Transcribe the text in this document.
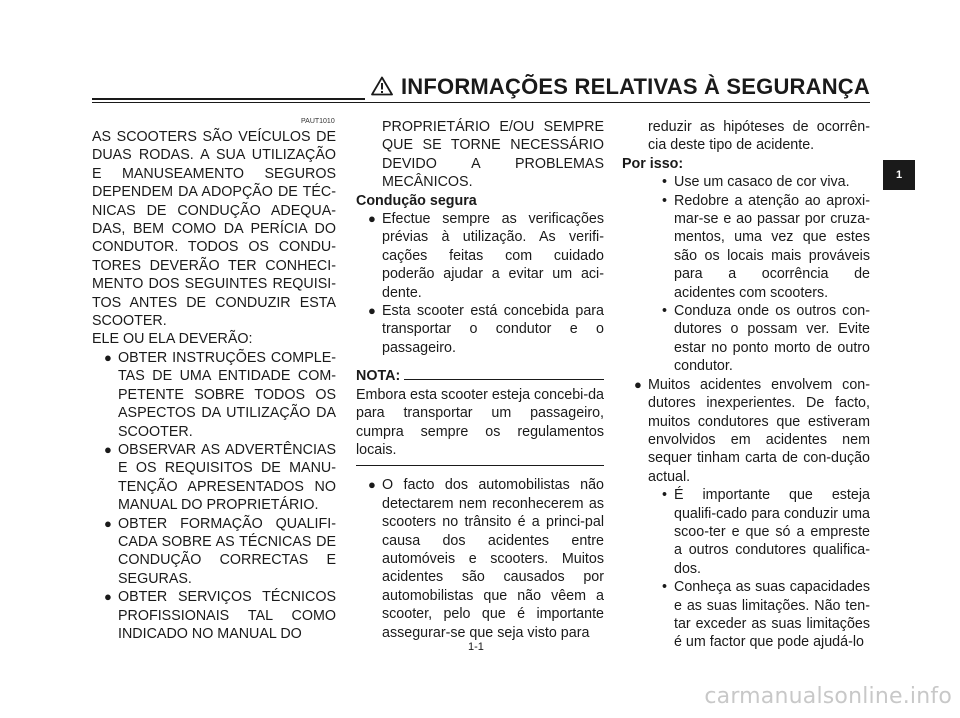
INFORMAÇÕES RELATIVAS À SEGURANÇA
PAUT1010
AS SCOOTERS SÃO VEÍCULOS DE DUAS RODAS. A SUA UTILIZAÇÃO E MANUSEAMENTO SEGUROS DEPENDEM DA ADOPÇÃO DE TÉC-NICAS DE CONDUÇÃO ADEQUA-DAS, BEM COMO DA PERÍCIA DO CONDUTOR. TODOS OS CONDU-TORES DEVERÃO TER CONHECI-MENTO DOS SEGUINTES REQUISI-TOS ANTES DE CONDUZIR ESTA SCOOTER.
ELE OU ELA DEVERÃO:
● OBTER INSTRUÇÕES COMPLE-TAS DE UMA ENTIDADE COM-PETENTE SOBRE TODOS OS ASPECTOS DA UTILIZAÇÃO DA SCOOTER.
● OBSERVAR AS ADVERTÊNCIAS E OS REQUISITOS DE MANU-TENÇÃO APRESENTADOS NO MANUAL DO PROPRIETÁRIO.
● OBTER FORMAÇÃO QUALIFI-CADA SOBRE AS TÉCNICAS DE CONDUÇÃO CORRECTAS E SEGURAS.
● OBTER SERVIÇOS TÉCNICOS PROFISSIONAIS TAL COMO INDICADO NO MANUAL DO
PROPRIETÁRIO E/OU SEMPRE QUE SE TORNE NECESSÁRIO DEVIDO A PROBLEMAS MECÂNICOS.
Condução segura
● Efectue sempre as verificações prévias à utilização. As verifi-cações feitas com cuidado poderão ajudar a evitar um aci-dente.
● Esta scooter está concebida para transportar o condutor e o passageiro.
NOTA:
Embora esta scooter esteja concebi-da para transportar um passageiro, cumpra sempre os regulamentos locais.
● O facto dos automobilistas não detectarem nem reconhecerem as scooters no trânsito é a princi-pal causa dos acidentes entre automóveis e scooters. Muitos acidentes são causados por automobilistas que não vêem a scooter, pelo que é importante assegurar-se que seja visto para
reduzir as hipóteses de ocorrên-cia deste tipo de acidente.
Por isso:
• Use um casaco de cor viva.
• Redobre a atenção ao aproxi-mar-se e ao passar por cruza-mentos, uma vez que estes são os locais mais prováveis para a ocorrência de acidentes com scooters.
• Conduza onde os outros con-dutores o possam ver. Evite estar no ponto morto de outro condutor.
● Muitos acidentes envolvem con-dutores inexperientes. De facto, muitos condutores que estiveram envolvidos em acidentes nem sequer tinham carta de con-dução actual.
• É importante que esteja qualifi-cado para conduzir uma scoo-ter e que só a empreste a outros condutores qualifica-dos.
• Conheça as suas capacidades e as suas limitações. Não ten-tar exceder as suas limitações é um factor que pode ajudá-lo
1
1-1
carmanualsonline.info
